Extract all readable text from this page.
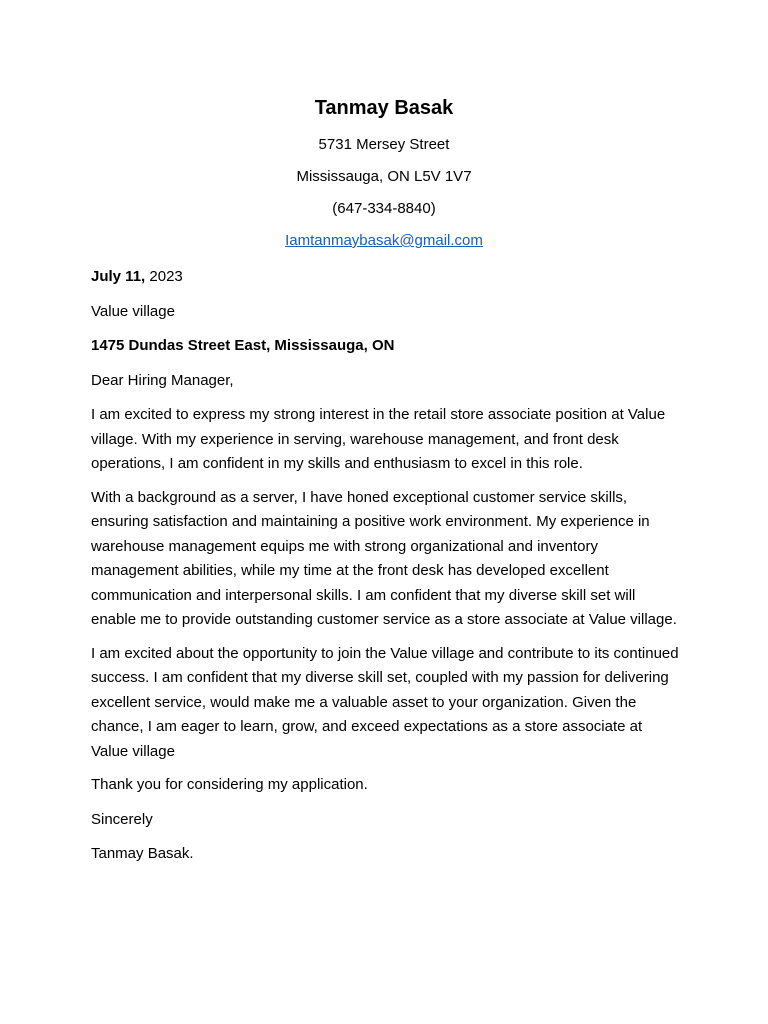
Tanmay Basak
5731 Mersey Street
Mississauga, ON L5V 1V7
(647-334-8840)
Iamtanmaybasak@gmail.com
July 11, 2023
Value village
1475 Dundas Street East, Mississauga, ON
Dear Hiring Manager,
I am excited to express my strong interest in the retail store associate position at Value village. With my experience in serving, warehouse management, and front desk operations, I am confident in my skills and enthusiasm to excel in this role.
With a background as a server, I have honed exceptional customer service skills, ensuring satisfaction and maintaining a positive work environment. My experience in warehouse management equips me with strong organizational and inventory management abilities, while my time at the front desk has developed excellent communication and interpersonal skills. I am confident that my diverse skill set will enable me to provide outstanding customer service as a store associate at Value village.
I am excited about the opportunity to join the Value village and contribute to its continued success. I am confident that my diverse skill set, coupled with my passion for delivering excellent service, would make me a valuable asset to your organization. Given the chance, I am eager to learn, grow, and exceed expectations as a store associate at Value village
Thank you for considering my application.
Sincerely
Tanmay Basak.
